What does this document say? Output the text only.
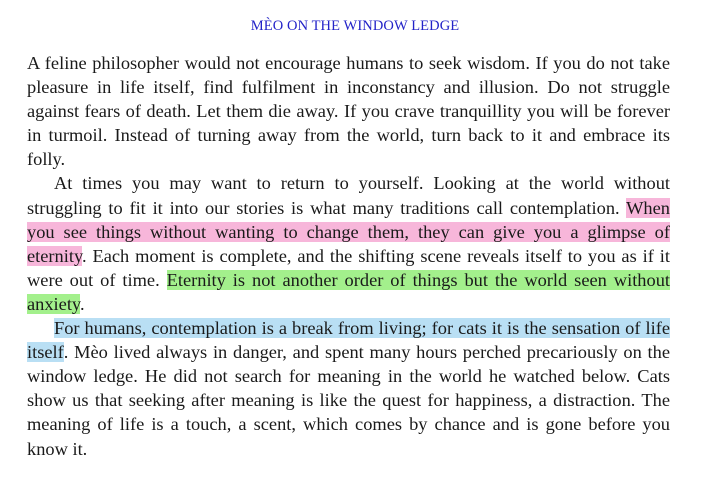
MÈO ON THE WINDOW LEDGE

A feline philosopher would not encourage humans to seek wisdom. If you do not take pleasure in life itself, find fulfilment in inconstancy and illusion. Do not struggle against fears of death. Let them die away. If you crave tranquillity you will be forever in turmoil. Instead of turning away from the world, turn back to it and embrace its folly.

At times you may want to return to yourself. Looking at the world without struggling to fit it into our stories is what many traditions call contemplation. When you see things without wanting to change them, they can give you a glimpse of eternity. Each moment is complete, and the shifting scene reveals itself to you as if it were out of time. Eternity is not another order of things but the world seen without anxiety.

For humans, contemplation is a break from living; for cats it is the sensation of life itself. Mèo lived always in danger, and spent many hours perched precariously on the window ledge. He did not search for meaning in the world he watched below. Cats show us that seeking after meaning is like the quest for happiness, a distraction. The meaning of life is a touch, a scent, which comes by chance and is gone before you know it.
